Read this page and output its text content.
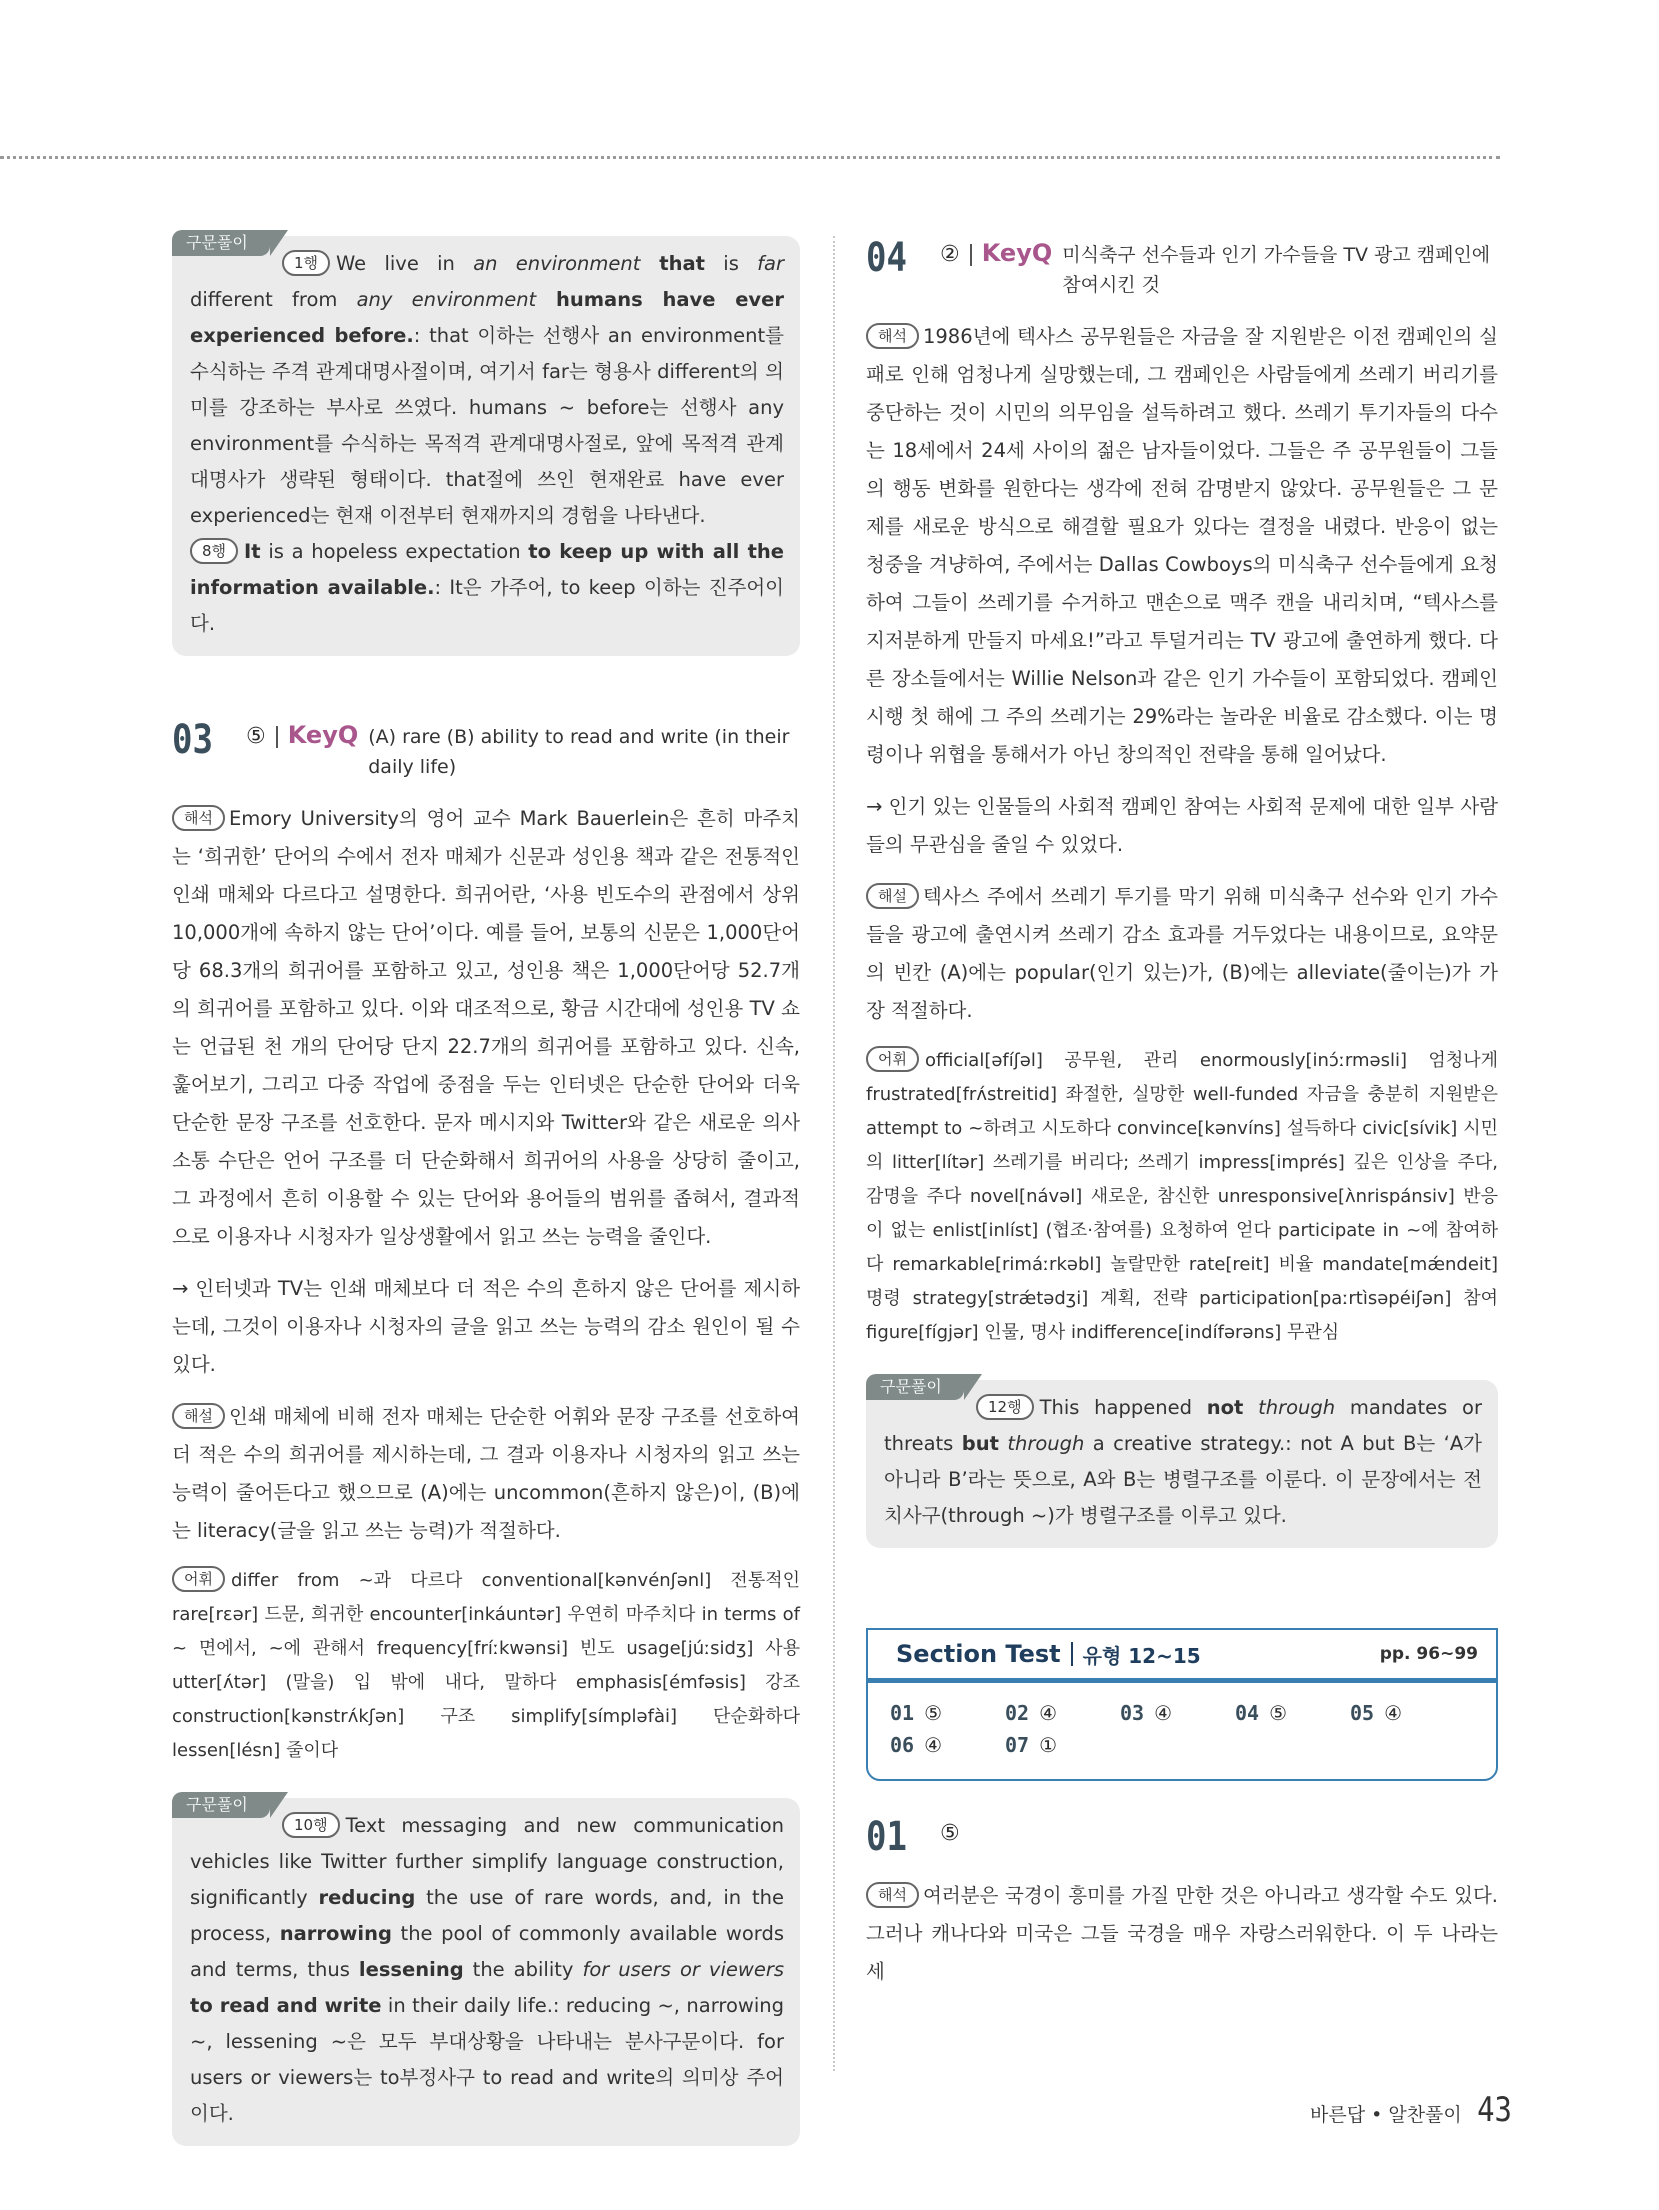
구문풀이
1행 We live in an environment that is far different from any environment humans have ever experienced before.: that 이하는 선행사 an environment를 수식하는 주격 관계대명사절이며, 여기서 far는 형용사 different의 의미를 강조하는 부사로 쓰였다. humans ~ before는 선행사 any environment를 수식하는 목적격 관계대명사절로, 앞에 목적격 관계대명사가 생략된 형태이다. that절에 쓰인 현재완료 have ever experienced는 현재 이전부터 현재까지의 경험을 나타낸다.
8행 It is a hopeless expectation to keep up with all the information available.: It은 가주어, to keep 이하는 진주어이다.
03	⑤ KeyQ (A) rare (B) ability to read and write (in their daily life)
해석 Emory University의 영어 교수 Mark Bauerlein은 흔히 마주치는 ‘희귀한’ 단어의 수에서 전자 매체가 신문과 성인용 책과 같은 전통적인 인쇄 매체와 다르다고 설명한다. 희귀어란, ‘사용 빈도수의 관점에서 상위 10,000개에 속하지 않는 단어’이다. 예를 들어, 보통의 신문은 1,000단어당 68.3개의 희귀어를 포함하고 있고, 성인용 책은 1,000단어당 52.7개의 희귀어를 포함하고 있다. 이와 대조적으로, 황금 시간대에 성인용 TV 쇼는 언급된 천 개의 단어당 단지 22.7개의 희귀어를 포함하고 있다. 신속, 훑어보기, 그리고 다중 작업에 중점을 두는 인터넷은 단순한 단어와 더욱 단순한 문장 구조를 선호한다. 문자 메시지와 Twitter와 같은 새로운 의사소통 수단은 언어 구조를 더 단순화해서 희귀어의 사용을 상당히 줄이고, 그 과정에서 흔히 이용할 수 있는 단어와 용어들의 범위를 좁혀서, 결과적으로 이용자나 시청자가 일상생활에서 읽고 쓰는 능력을 줄인다.
→ 인터넷과 TV는 인쇄 매체보다 더 적은 수의 흔하지 않은 단어를 제시하는데, 그것이 이용자나 시청자의 글을 읽고 쓰는 능력의 감소 원인이 될 수 있다.
해설 인쇄 매체에 비해 전자 매체는 단순한 어휘와 문장 구조를 선호하여 더 적은 수의 희귀어를 제시하는데, 그 결과 이용자나 시청자의 읽고 쓰는 능력이 줄어든다고 했으므로 (A)에는 uncommon(흔하지 않은)이, (B)에는 literacy(글을 읽고 쓰는 능력)가 적절하다.
어휘 differ from ~과 다르다 conventional[kənvénʃənl] 전통적인 rare[rɛər] 드문, 희귀한 encounter[inkáuntər] 우연히 마주치다 in terms of ~ 면에서, ~에 관해서 frequency[fríːkwənsi] 빈도 usage[júːsidʒ] 사용 utter[ʌ́tər] (말을) 입 밖에 내다, 말하다 emphasis[émfəsis] 강조 construction[kənstrʌ́kʃən] 구조 simplify[símpləfài] 단순화하다 lessen[lésn] 줄이다
구문풀이
10행 Text messaging and new communication vehicles like Twitter further simplify language construction, significantly reducing the use of rare words, and, in the process, narrowing the pool of commonly available words and terms, thus lessening the ability for users or viewers to read and write in their daily life.: reducing ~, narrowing ~, lessening ~은 모두 부대상황을 나타내는 분사구문이다. for users or viewers는 to부정사구 to read and write의 의미상 주어이다.
04	② KeyQ 미식축구 선수들과 인기 가수들을 TV 광고 캠페인에 참여시킨 것
해석 1986년에 텍사스 공무원들은 자금을 잘 지원받은 이전 캠페인의 실패로 인해 엄청나게 실망했는데, 그 캠페인은 사람들에게 쓰레기 버리기를 중단하는 것이 시민의 의무임을 설득하려고 했다. 쓰레기 투기자들의 다수는 18세에서 24세 사이의 젊은 남자들이었다. 그들은 주 공무원들이 그들의 행동 변화를 원한다는 생각에 전혀 감명받지 않았다. 공무원들은 그 문제를 새로운 방식으로 해결할 필요가 있다는 결정을 내렸다. 반응이 없는 청중을 겨냥하여, 주에서는 Dallas Cowboys의 미식축구 선수들에게 요청하여 그들이 쓰레기를 수거하고 맨손으로 맥주 캔을 내리치며, “텍사스를 지저분하게 만들지 마세요!”라고 투덜거리는 TV 광고에 출연하게 했다. 다른 장소들에서는 Willie Nelson과 같은 인기 가수들이 포함되었다. 캠페인 시행 첫 해에 그 주의 쓰레기는 29%라는 놀라운 비율로 감소했다. 이는 명령이나 위협을 통해서가 아닌 창의적인 전략을 통해 일어났다.
→ 인기 있는 인물들의 사회적 캠페인 참여는 사회적 문제에 대한 일부 사람들의 무관심을 줄일 수 있었다.
해설 텍사스 주에서 쓰레기 투기를 막기 위해 미식축구 선수와 인기 가수들을 광고에 출연시켜 쓰레기 감소 효과를 거두었다는 내용이므로, 요약문의 빈칸 (A)에는 popular(인기 있는)가, (B)에는 alleviate(줄이는)가 가장 적절하다.
어휘 official[əfíʃəl] 공무원, 관리 enormously[inɔ́ːrməsli] 엄청나게 frustrated[frʌ́streitid] 좌절한, 실망한 well-funded 자금을 충분히 지원받은 attempt to ~하려고 시도하다 convince[kənvíns] 설득하다 civic[sívik] 시민의 litter[lítər] 쓰레기를 버리다; 쓰레기 impress[imprés] 깊은 인상을 주다, 감명을 주다 novel[návəl] 새로운, 참신한 unresponsive[ʌ̀nrispánsiv] 반응이 없는 enlist[inlíst] (협조·참여를) 요청하여 얻다 participate in ~에 참여하다 remarkable[rimáːrkəbl] 놀랄만한 rate[reit] 비율 mandate[mǽndeit] 명령 strategy[strǽtədʒi] 계획, 전략 participation[paːrtìsəpéiʃən] 참여 figure[fígjər] 인물, 명사 indifference[indífərəns] 무관심
구문풀이
12행 This happened not through mandates or threats but through a creative strategy.: not A but B는 ‘A가 아니라 B’라는 뜻으로, A와 B는 병렬구조를 이룬다. 이 문장에서는 전치사구(through ~)가 병렬구조를 이루고 있다.
Section Test 유형 12~15	pp. 96~99
01 ⑤	02 ④	03 ④	04 ⑤	05 ④
06 ④	07 ①
01	⑤
해석 여러분은 국경이 흥미를 가질 만한 것은 아니라고 생각할 수도 있다. 그러나 캐나다와 미국은 그들 국경을 매우 자랑스러워한다. 이 두 나라는 세
바른답 • 알찬풀이 43
